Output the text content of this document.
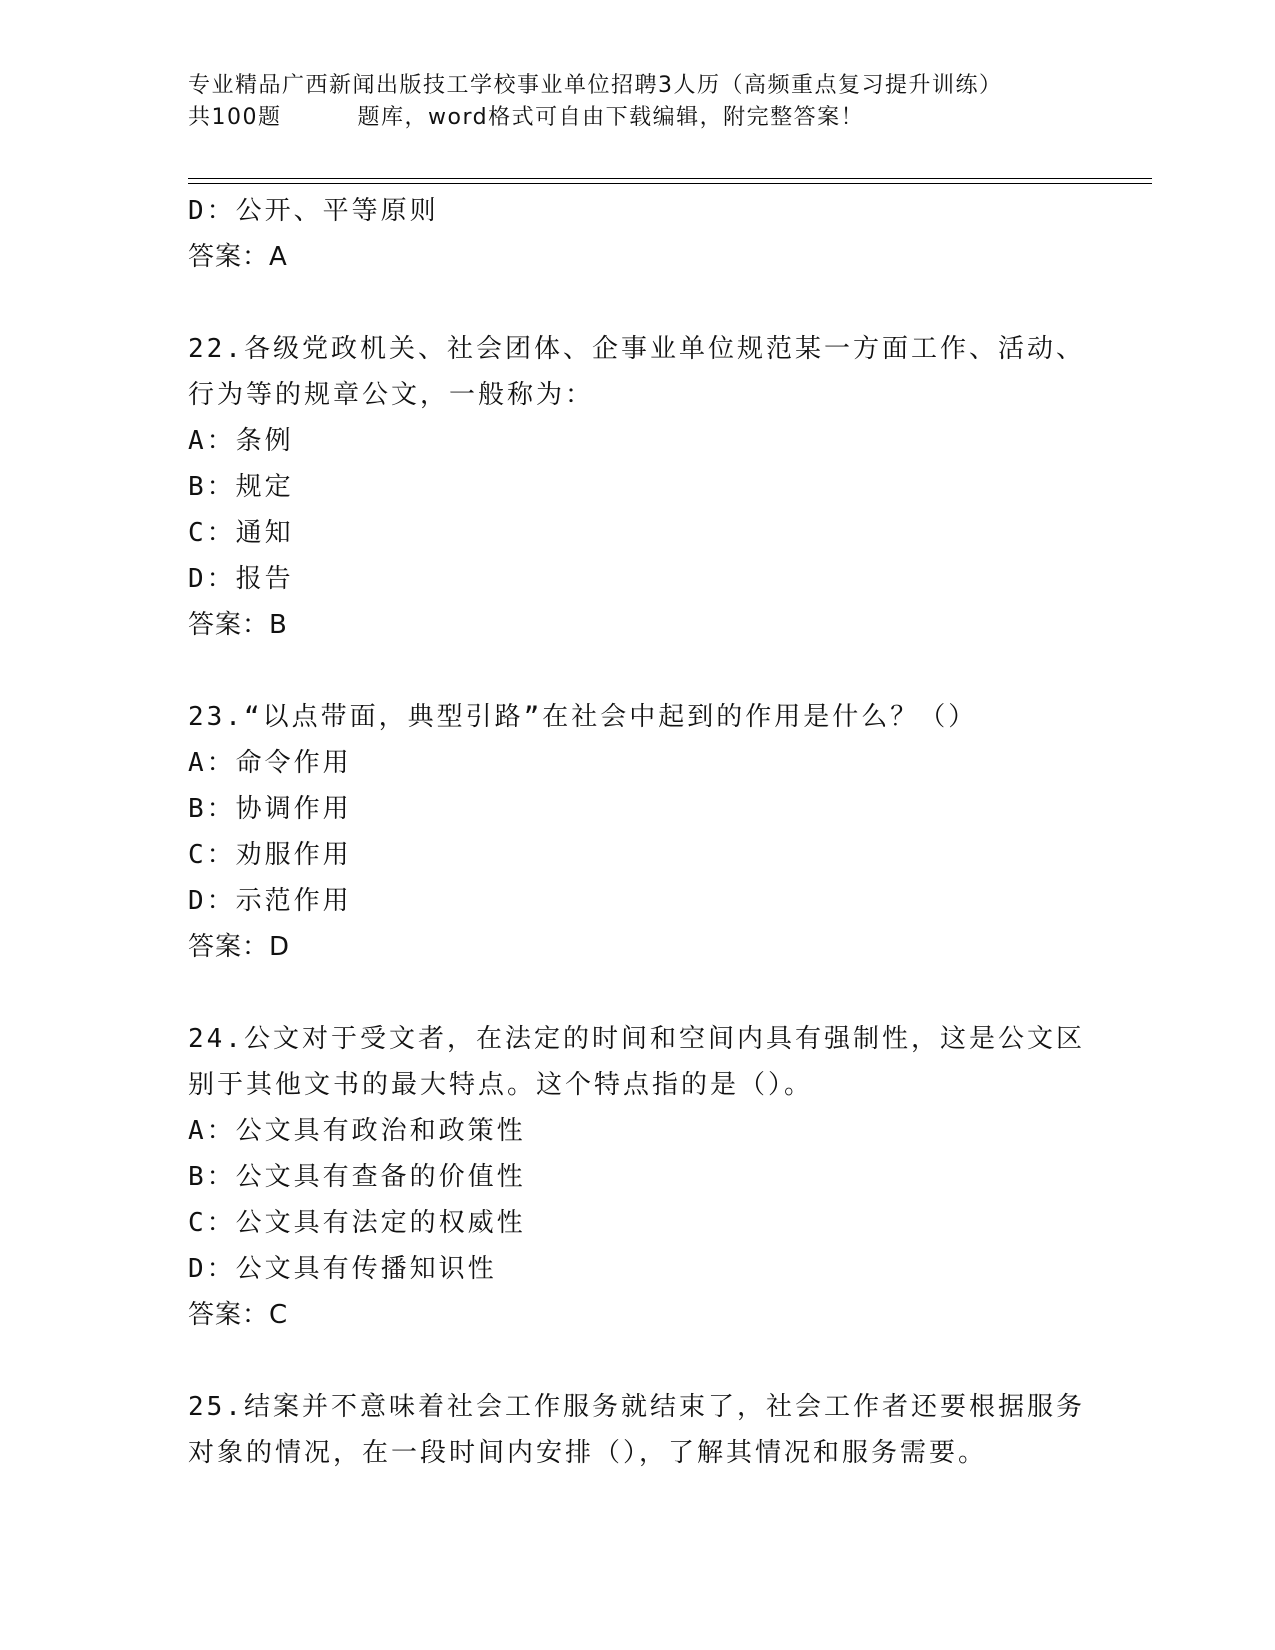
专业精品广西新闻出版技工学校事业单位招聘3人历（高频重点复习提升训练）
共100题	题库，word格式可自由下载编辑，附完整答案！
D：公开、平等原则
答案：A
22.各级党政机关、社会团体、企事业单位规范某一方面工作、活动、
行为等的规章公文，一般称为：
A：条例
B：规定
C：通知
D：报告
答案：B
23.“以点带面，典型引路”在社会中起到的作用是什么？（）
A：命令作用
B：协调作用
C：劝服作用
D：示范作用
答案：D
24.公文对于受文者，在法定的时间和空间内具有强制性，这是公文区
别于其他文书的最大特点。这个特点指的是（）。
A：公文具有政治和政策性
B：公文具有查备的价值性
C：公文具有法定的权威性
D：公文具有传播知识性
答案：C
25.结案并不意味着社会工作服务就结束了，社会工作者还要根据服务
对象的情况，在一段时间内安排（），了解其情况和服务需要。
